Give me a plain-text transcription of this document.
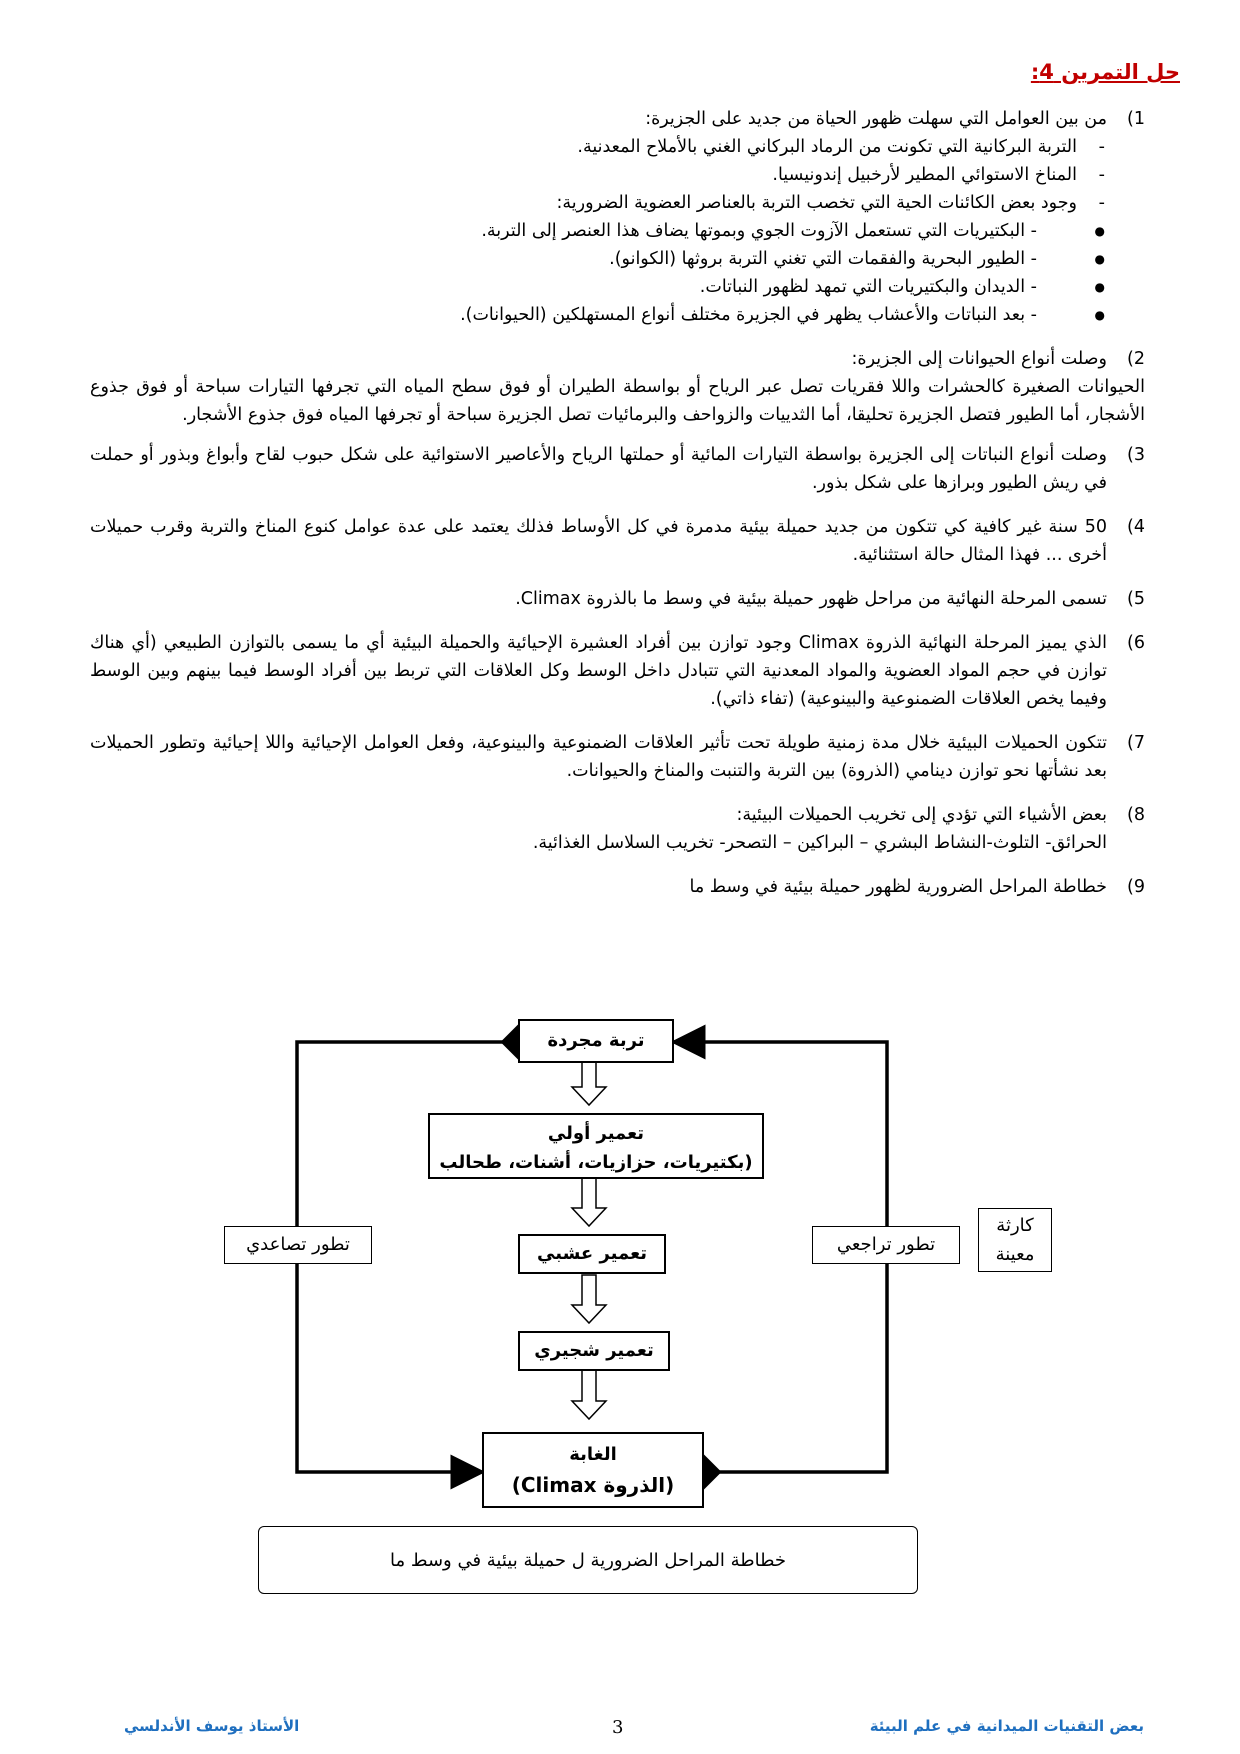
حل التمرين 4:
1)
من بين العوامل التي سهلت ظهور الحياة من جديد على الجزيرة:
- التربة البركانية التي تكونت من الرماد البركاني الغني بالأملاح المعدنية.
- المناخ الاستوائي المطير لأرخبيل إندونيسيا.
- وجود بعض الكائنات الحية التي تخصب التربة بالعناصر العضوية الضرورية:
● - البكتيريات التي تستعمل الآزوت الجوي وبموتها يضاف هذا العنصر إلى التربة.
● - الطيور البحرية والفقمات التي تغني التربة بروثها (الكوانو).
● - الديدان والبكتيريات التي تمهد لظهور النباتات.
● - بعد النباتات والأعشاب يظهر في الجزيرة مختلف أنواع المستهلكين (الحيوانات).
2)
وصلت أنواع الحيوانات إلى الجزيرة:
الحيوانات الصغيرة كالحشرات واللا فقريات تصل عبر الرياح أو بواسطة الطيران أو فوق سطح المياه التي تجرفها التيارات سباحة أو فوق جذوع الأشجار، أما الطيور فتصل الجزيرة تحليقا، أما الثدييات والزواحف والبرمائيات تصل الجزيرة سباحة أو تجرفها المياه فوق جذوع الأشجار.
3)
وصلت أنواع النباتات إلى الجزيرة بواسطة التيارات المائية أو حملتها الرياح والأعاصير الاستوائية على شكل حبوب لقاح وأبواغ وبذور أو حملت في ريش الطيور وبرازها على شكل بذور.
4)
50 سنة غير كافية كي تتكون من جديد حميلة بيئية مدمرة في كل الأوساط فذلك يعتمد على عدة عوامل كنوع المناخ والتربة وقرب حميلات أخرى ... فهذا المثال حالة استثنائية.
5)
تسمى المرحلة النهائية من مراحل ظهور حميلة بيئية في وسط ما بالذروة Climax.
6)
الذي يميز المرحلة النهائية الذروة Climax وجود توازن بين أفراد العشيرة الإحيائية والحميلة البيئية أي ما يسمى بالتوازن الطبيعي (أي هناك توازن في حجم المواد العضوية والمواد المعدنية التي تتبادل داخل الوسط وكل العلاقات التي تربط بين أفراد الوسط فيما بينهم وبين الوسط وفيما يخص العلاقات الضمنوعية والبينوعية) (تفاء ذاتي).
7)
تتكون الحميلات البيئية خلال مدة زمنية طويلة تحت تأثير العلاقات الضمنوعية والبينوعية، وفعل العوامل الإحيائية واللا إحيائية وتطور الحميلات بعد نشأتها نحو توازن دينامي (الذروة) بين التربة والتنبت والمناخ والحيوانات.
8)
بعض الأشياء التي تؤدي إلى تخريب الحميلات البيئية:
الحرائق- التلوث-النشاط البشري – البراكين – التصحر- تخريب السلاسل الغذائية.
9)
خطاطة المراحل الضرورية لظهور حميلة بيئية في وسط ما
تربة مجردة
تعمير أولي
(بكتيريات، حزازيات، أشنات، طحالب
تعمير عشبي
تعمير شجيري
الغابة
(الذروة Climax)
تطور تصاعدي	تطور تراجعي
كارثة
معينة
خطاطة المراحل الضرورية ل حميلة بيئية في وسط ما
بعض التقنيات الميدانية في علم البيئة
3
الأستاذ يوسف الأندلسي
